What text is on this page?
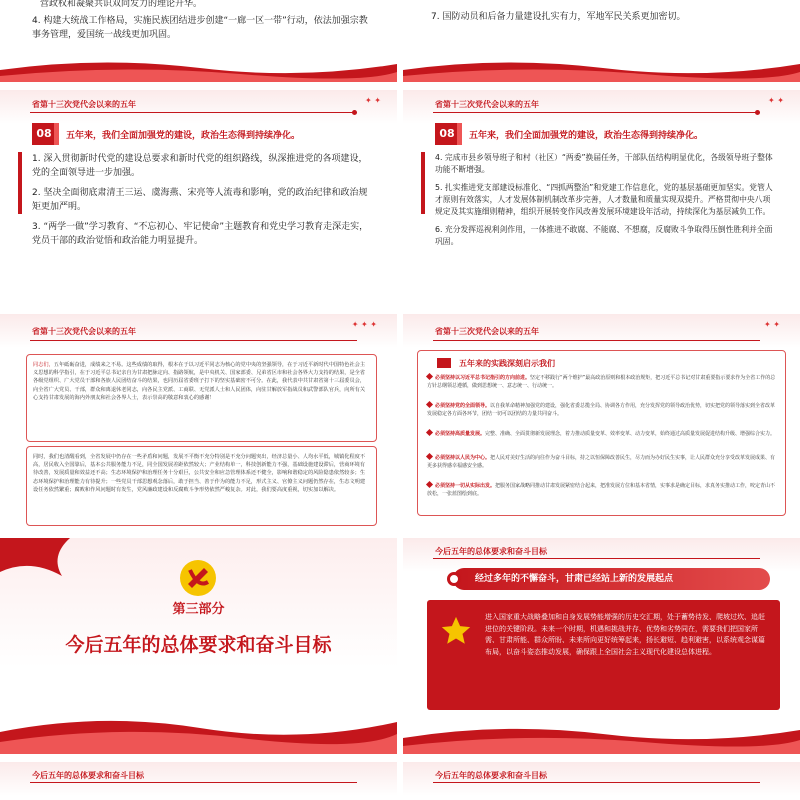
营政权和凝聚共识双向发力的理论升华。
4. 构建大统战工作格局，实施民族团结进步创建“一廊一区一带”行动，依法加强宗教事务管理，爱国统一战线更加巩固。
7. 国防动员和后备力量建设扎实有力，军地军民关系更加密切。
省第十三次党代会以来的五年	✦ ✦
08	五年来，我们全面加强党的建设，政治生态得到持续净化。

1. 深入贯彻新时代党的建设总要求和新时代党的组织路线，纵深推进党的各项建设，党的全面领导进一步加强。

2. 坚决全面彻底肃清王三运、虞海燕、宋亮等人流毒和影响，党的政治纪律和政治规矩更加严明。

3. “两学一做”学习教育、“不忘初心、牢记使命”主题教育和党史学习教育走深走实，党员干部的政治觉悟和政治能力明显提升。

省第十三次党代会以来的五年	✦ ✦
08	五年来，我们全面加强党的建设，政治生态得到持续净化。

4. 完成市县乡领导班子和村（社区）“两委”换届任务，干部队伍结构明显优化，各级领导班子整体功能不断增强。

5. 扎实推进党支部建设标准化、“四抓两整治”和党建工作信息化，党的基层基础更加坚实。党管人才原则有效落实，人才发展体制机制改革步完善，人才数量和质量实现双提升。严格贯彻中央八项规定及其实施细则精神，组织开展转变作风改善发展环境建设年活动，持续深化为基层减负工作。

6. 充分发挥巡视利剑作用，一体推进不敢腐、不能腐、不想腐，反腐败斗争取得压倒性胜利并全面巩固。

省第十三次党代会以来的五年
✦ ✦ ✦
同志们，五年砥砺奋进，成绩来之不易。这些成绩的取得，根本在于以习近平同志为核心的党中央的坚强领导，在于习近平新时代中国特色社会主义思想的科学指引，在于习近平总书记亲自为甘肃把脉定向、指路领航，是中央机关、国家部委、兄弟省区市和社会各界大力支持的结果，是全省各级党组织、广大党员干部和各族人民团结奋斗的结果，也同历届省委班子打下的坚实基础密不可分。在此，我代表中共甘肃省第十三届委员会，向全省广大党员、干部，群众和离退休老同志，向各民主党派、工商联、无党派人士和人民团体，向驻甘解放军指战员和武警部队官兵，向所有关心支持甘肃发展的海内外朋友和社会各界人士，表示崇高的敬意和衷心的感谢！
同时，我们也清醒看到，全省发展中仍存在一些矛盾和问题，发展不平衡不充分特别是不充分问题突出，经济总量小、人均水平低，城镇化程度不高，居民收入全国靠后，基本公共服务能力不足，同全国发展差距依然较大；产业结构单一，科技创新能力不强，基础设施建设滞后，营商环境有待改善，发展质量和效益还不高；生态环境保护和治理任务十分艰巨，公共安全和应急管理体系还不健全，影响和谐稳定的风险隐患依然较多；生态环境保护和治理能力有待提升；一些党员干部思想观念落后，敢于担当、善于作为的能力不足，形式主义、官僚主义问题仍然存在，生态文明建设任务依然繁重；腐败和作风问题时有发生，党风廉政建设和反腐败斗争形势依然严峻复杂。对此，我们要高度重视，切实加以解决。
省第十三次党代会以来的五年
✦ ✦
五年来的实践深刻启示我们
必须坚持以习近平总书记指引的方向前进。坚定不移践行“两个维护”最高政治原则和根本政治规矩，把习近平总书记对甘肃重要指示要求作为全省工作的总方针总纲领总遵循，做到思想统一、意志统一、行动统一。
必须坚持党的全面领导。以自我革命精神加强党的建设，强化省委总揽全局、协调各方作用，充分发挥党的领导政治优势，切实把党的领导落实到全省改革发展稳定各方面各环节，团结一切可以团结的力量共同奋斗。
必须坚持高质量发展。完整、准确、全面贯彻新发展理念，着力推动质量变革、效率变革、动力变革，始终通过高质量发展促进结构升级、增强综合实力。
必须坚持以人民为中心。把人民对美好生活的向往作为奋斗目标，持之以恒保障改善民生，尽力而为办好民生实事，让人民群众充分享受改革发展成果、有更多获得感幸福感安全感。
必须坚持一切从实际出发。把服务国家战略同推动甘肃发展紧密结合起来，把准发展方位和基本省情，实事求是确定目标，求真务实推动工作，咬定青山不放松，一张蓝图绘到底。
第三部分
今后五年的总体要求和奋斗目标
今后五年的总体要求和奋斗目标
经过多年的不懈奋斗，甘肃已经站上新的发展起点
进入国家重大战略叠加和自身发展势能增强的历史交汇期，处于蓄势待发、爬坡过坎、追赶进位的关键阶段。未来一个时期，机遇和挑战并存、优势和劣势同在，需要我们把国家所需、甘肃所能、群众所盼、未来所向更好统筹起来，扬长避短、趋利避害，以系统观念谋篇布局，以奋斗姿态推动发展，确保跟上全国社会主义现代化建设总体进程。
今后五年的总体要求和奋斗目标	今后五年的总体要求和奋斗目标
